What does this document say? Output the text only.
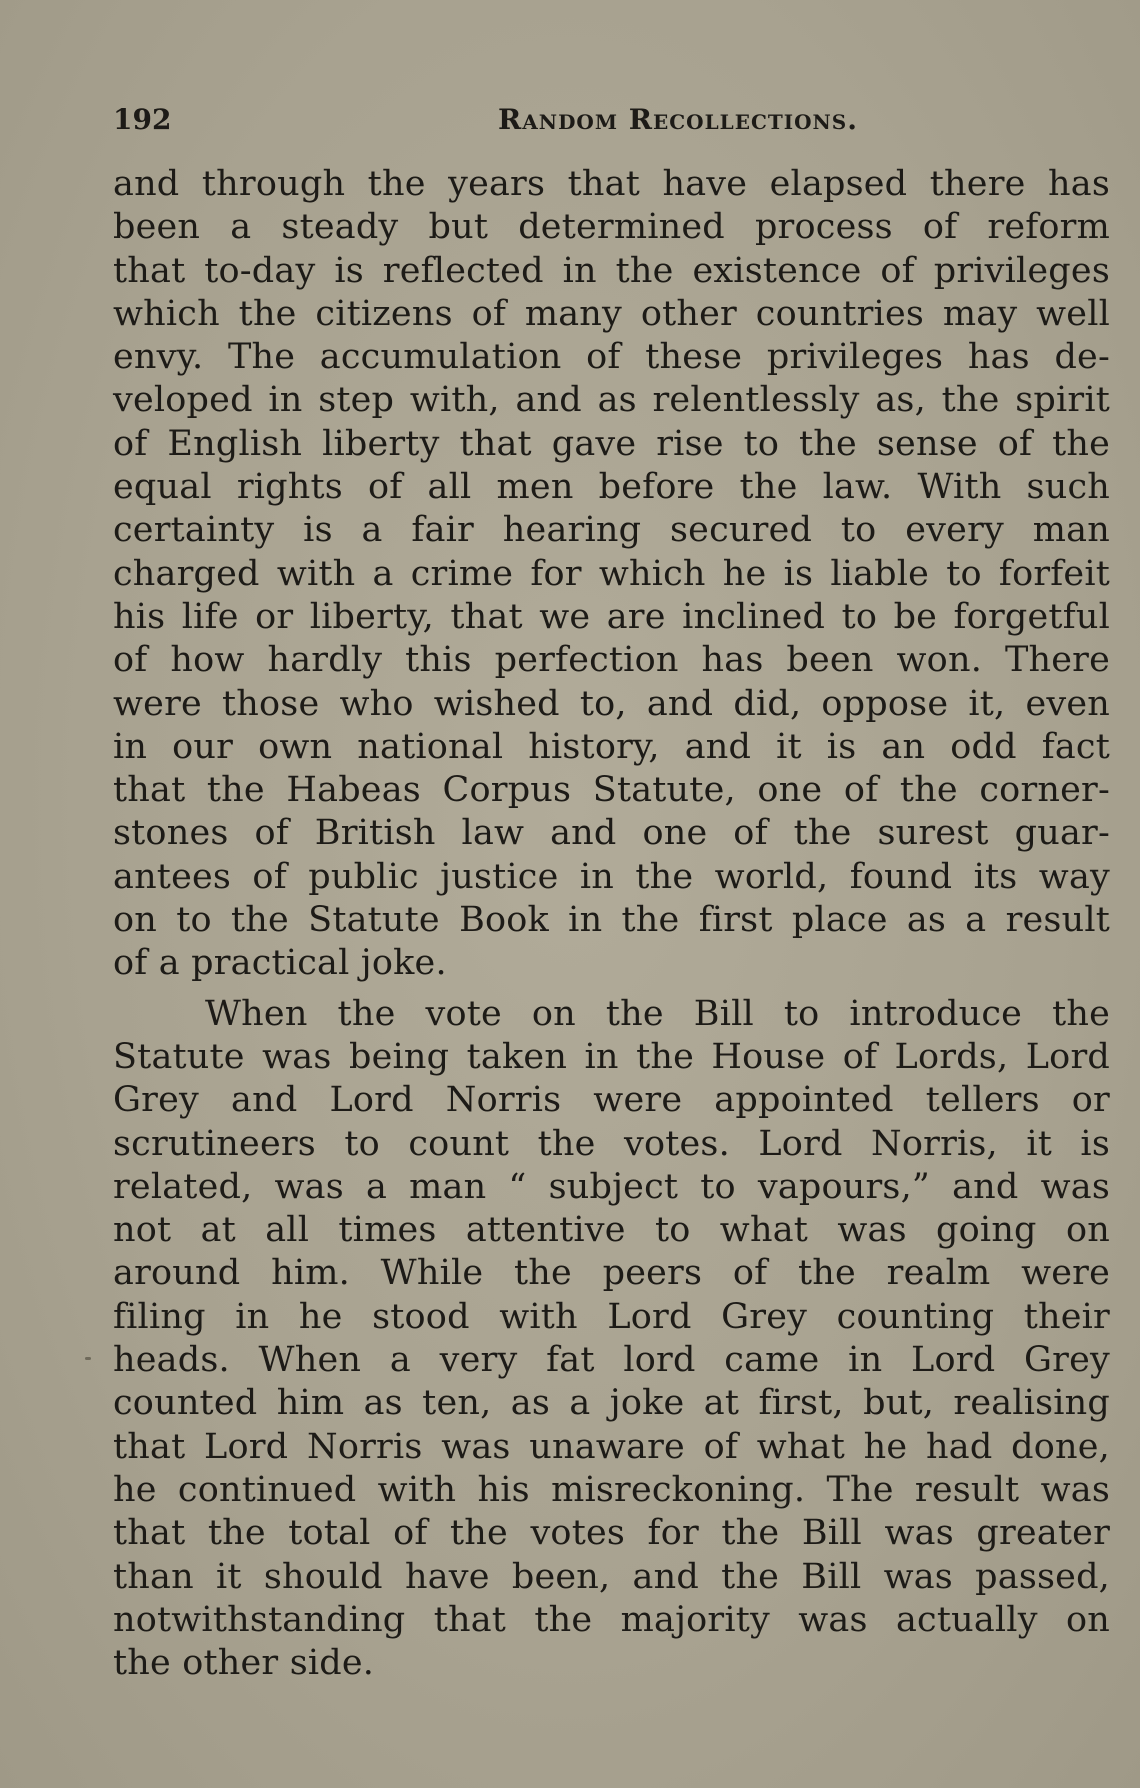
192	Random Recollections.
and through the years that have elapsed there has
been a steady but determined process of reform
that to-day is reflected in the existence of privileges
which the citizens of many other countries may well
envy. The accumulation of these privileges has de-
veloped in step with, and as relentlessly as, the spirit
of English liberty that gave rise to the sense of the
equal rights of all men before the law. With such
certainty is a fair hearing secured to every man
charged with a crime for which he is liable to forfeit
his life or liberty, that we are inclined to be forgetful
of how hardly this perfection has been won. There
were those who wished to, and did, oppose it, even
in our own national history, and it is an odd fact
that the Habeas Corpus Statute, one of the corner-
stones of British law and one of the surest guar-
antees of public justice in the world, found its way
on to the Statute Book in the first place as a result
of a practical joke.
When the vote on the Bill to introduce the
Statute was being taken in the House of Lords, Lord
Grey and Lord Norris were appointed tellers or
scrutineers to count the votes. Lord Norris, it is
related, was a man “ subject to vapours,” and was
not at all times attentive to what was going on
around him. While the peers of the realm were
filing in he stood with Lord Grey counting their
heads. When a very fat lord came in Lord Grey
counted him as ten, as a joke at first, but, realising
that Lord Norris was unaware of what he had done,
he continued with his misreckoning. The result was
that the total of the votes for the Bill was greater
than it should have been, and the Bill was passed,
notwithstanding that the majority was actually on
the other side.
